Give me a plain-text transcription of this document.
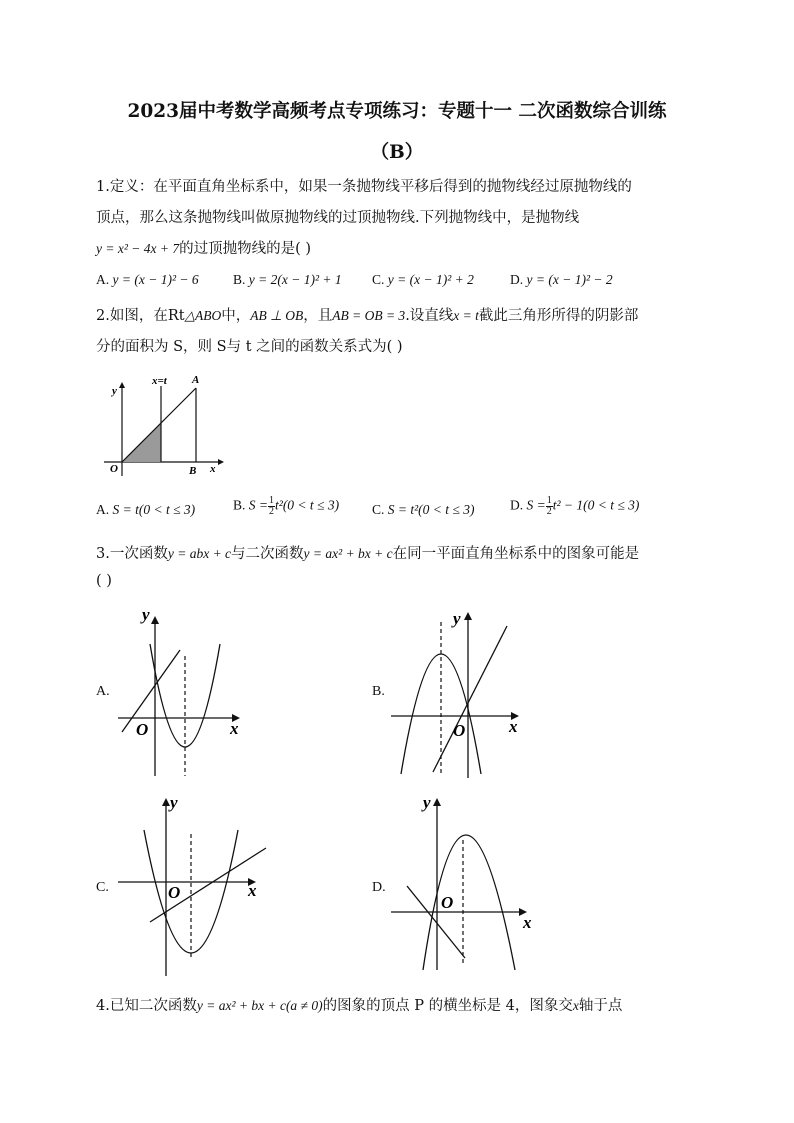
2023届中考数学高频考点专项练习：专题十一 二次函数综合训练
（B）
1.定义：在平面直角坐标系中，如果一条抛物线平移后得到的抛物线经过原抛物线的
顶点，那么这条抛物线叫做原抛物线的过顶抛物线.下列抛物线中，是抛物线
y = x² − 4x + 7的过顶抛物线的是( )
A. y = (x − 1)² − 6	B. y = 2(x − 1)² + 1 C. y = (x − 1)² + 2	D. y = (x − 1)² − 2
2.如图，在Rt△ABO中，AB ⊥ OB，且AB = OB = 3.设直线x = t截此三角形所得的阴影部
分的面积为 S，则 S与 t 之间的函数关系式为( )
y
x
x=t A
B
O
A. S = t(0 < t ≤ 3)	B. $S = \frac{1}{2} t^2(0 < t \le 3)$ C. S = t²(0 < t ≤ 3)	D. $S = \frac{1}{2} t^2 - 1(0 < t \le 3)$
3.一次函数y = abx + c与二次函数y = ax² + bx + c在同一平面直角坐标系中的图象可能是
( )
A.
y
x
O
B.
y
x
O
C.
y
x
O	D.
y
x
O
4.已知二次函数y = ax² + bx + c(a ≠ 0)的图象的顶点 P 的横坐标是 4，图象交x轴于点
